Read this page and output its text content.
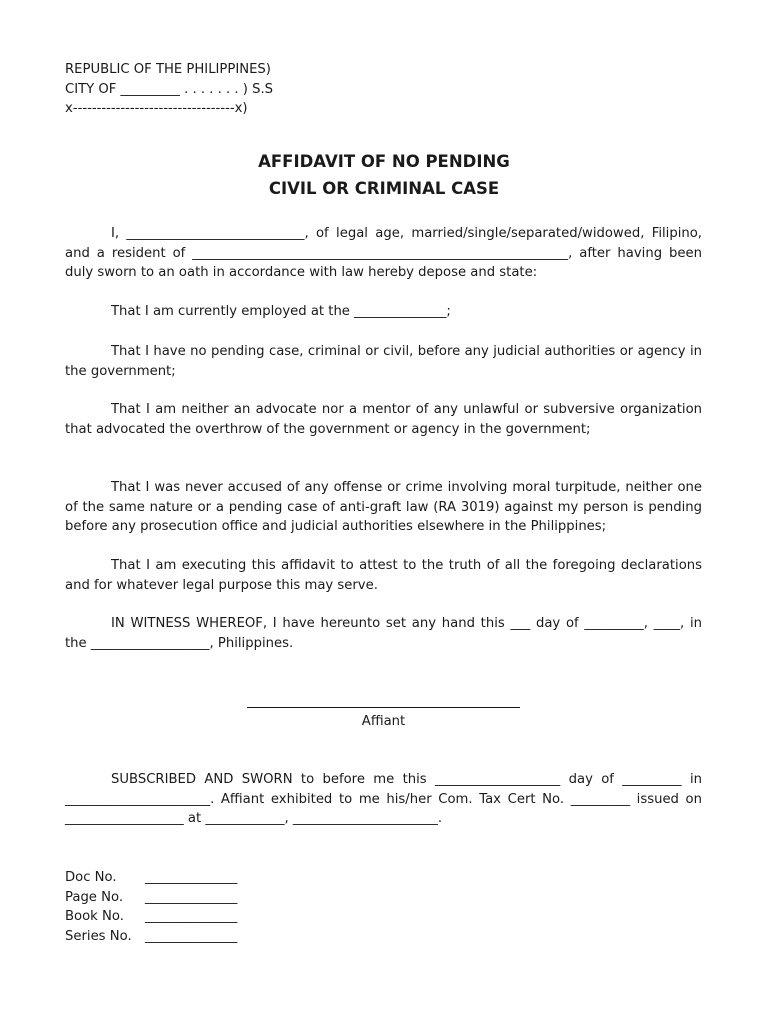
REPUBLIC OF THE PHILIPPINES)
CITY OF _________ . . . . . . . ) S.S
x----------------------------------x)
AFFIDAVIT OF NO PENDING
CIVIL OR CRIMINAL CASE

I, ___________________________, of legal age, married/single/separated/widowed, Filipino, and a resident of _________________________________________________________, after having been duly sworn to an oath in accordance with law hereby depose and state:

That I am currently employed at the ______________;

That I have no pending case, criminal or civil, before any judicial authorities or agency in the government;

That I am neither an advocate nor a mentor of any unlawful or subversive organization that advocated the overthrow of the government or agency in the government;

That I was never accused of any offense or crime involving moral turpitude, neither one of the same nature or a pending case of anti-graft law (RA 3019) against my person is pending before any prosecution office and judicial authorities elsewhere in the Philippines;

That I am executing this affidavit to attest to the truth of all the foregoing declarations and for whatever legal purpose this may serve.

IN WITNESS WHEREOF, I have hereunto set any hand this ___ day of _________, ____, in the __________________, Philippines.

Affiant

SUBSCRIBED AND SWORN to before me this ___________________ day of _________ in ______________________. Affiant exhibited to me his/her Com. Tax Cert No. _________ issued on __________________ at ____________, ______________________.

Doc No.	______________
Page No.	______________
Book No.	______________
Series No.	______________
